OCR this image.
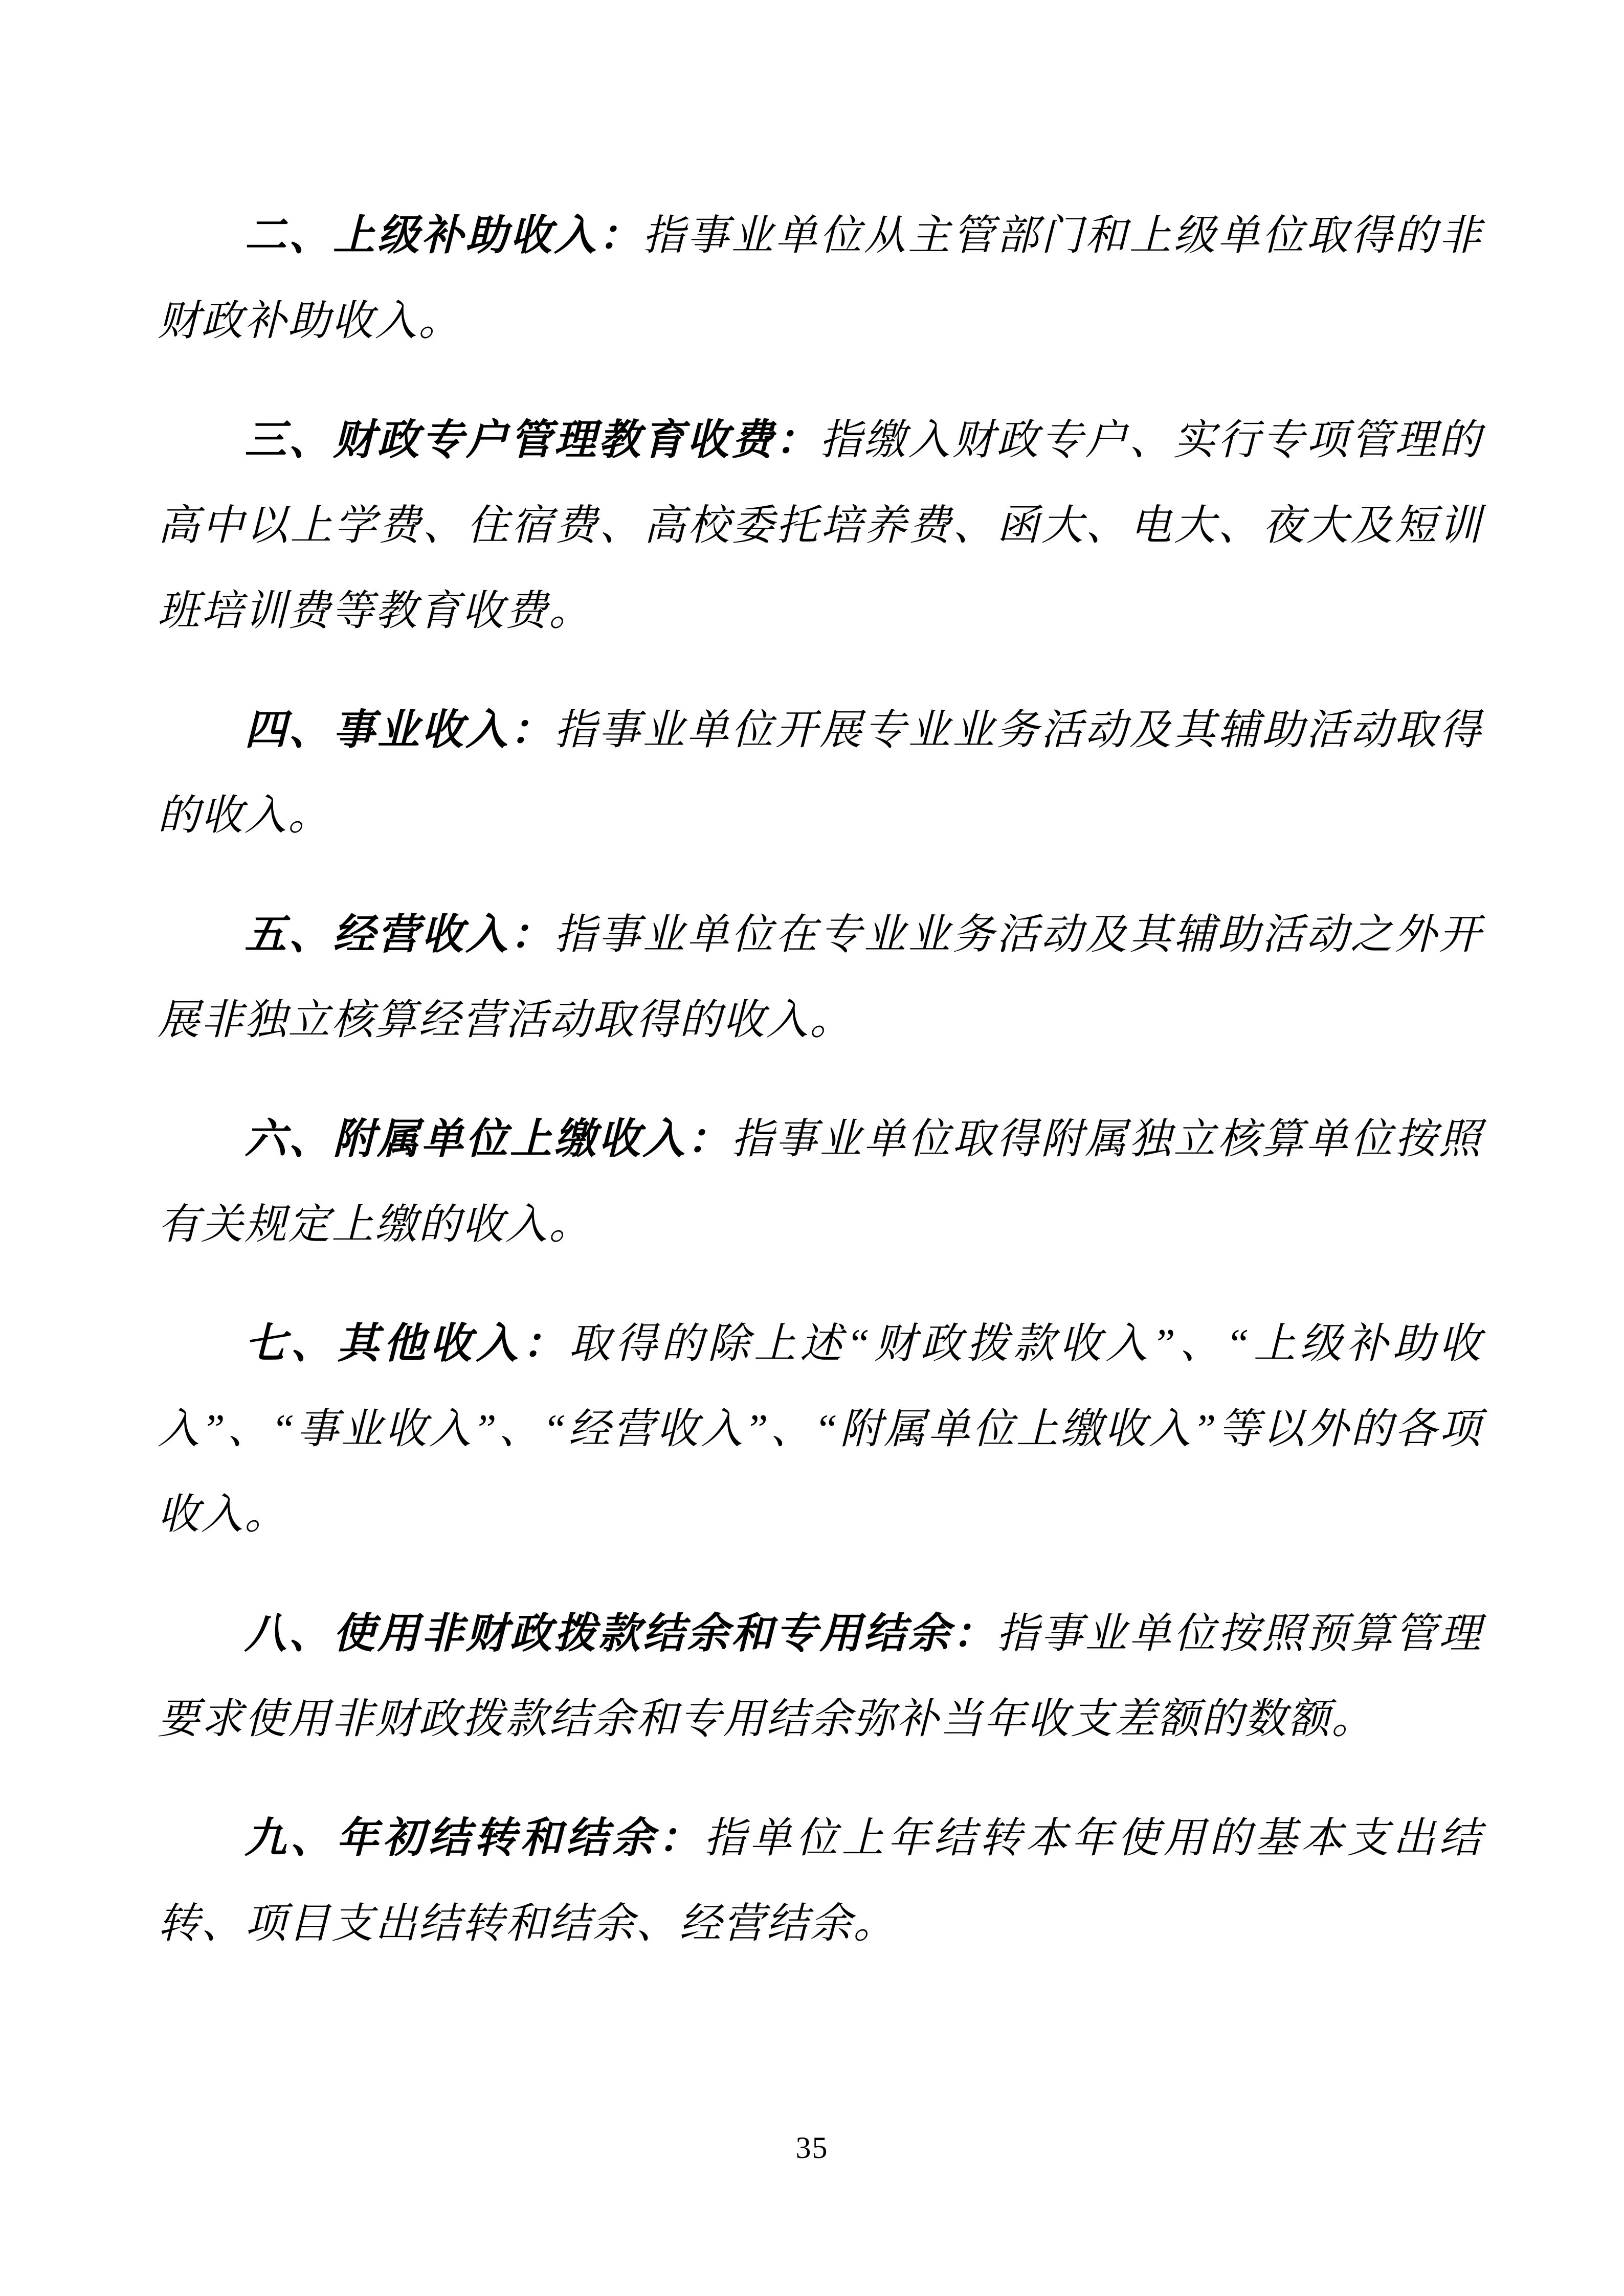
二、上级补助收入：指事业单位从主管部门和上级单位取得的非财政补助收入。

三、财政专户管理教育收费：指缴入财政专户、实行专项管理的高中以上学费、住宿费、高校委托培养费、函大、电大、夜大及短训班培训费等教育收费。

四、事业收入：指事业单位开展专业业务活动及其辅助活动取得的收入。

五、经营收入：指事业单位在专业业务活动及其辅助活动之外开展非独立核算经营活动取得的收入。

六、附属单位上缴收入：指事业单位取得附属独立核算单位按照有关规定上缴的收入。

七、其他收入：取得的除上述“财政拨款收入”、“上级补助收入”、“事业收入”、“经营收入”、“附属单位上缴收入”等以外的各项收入。

八、使用非财政拨款结余和专用结余：指事业单位按照预算管理要求使用非财政拨款结余和专用结余弥补当年收支差额的数额。

九、年初结转和结余：指单位上年结转本年使用的基本支出结转、项目支出结转和结余、经营结余。

35
